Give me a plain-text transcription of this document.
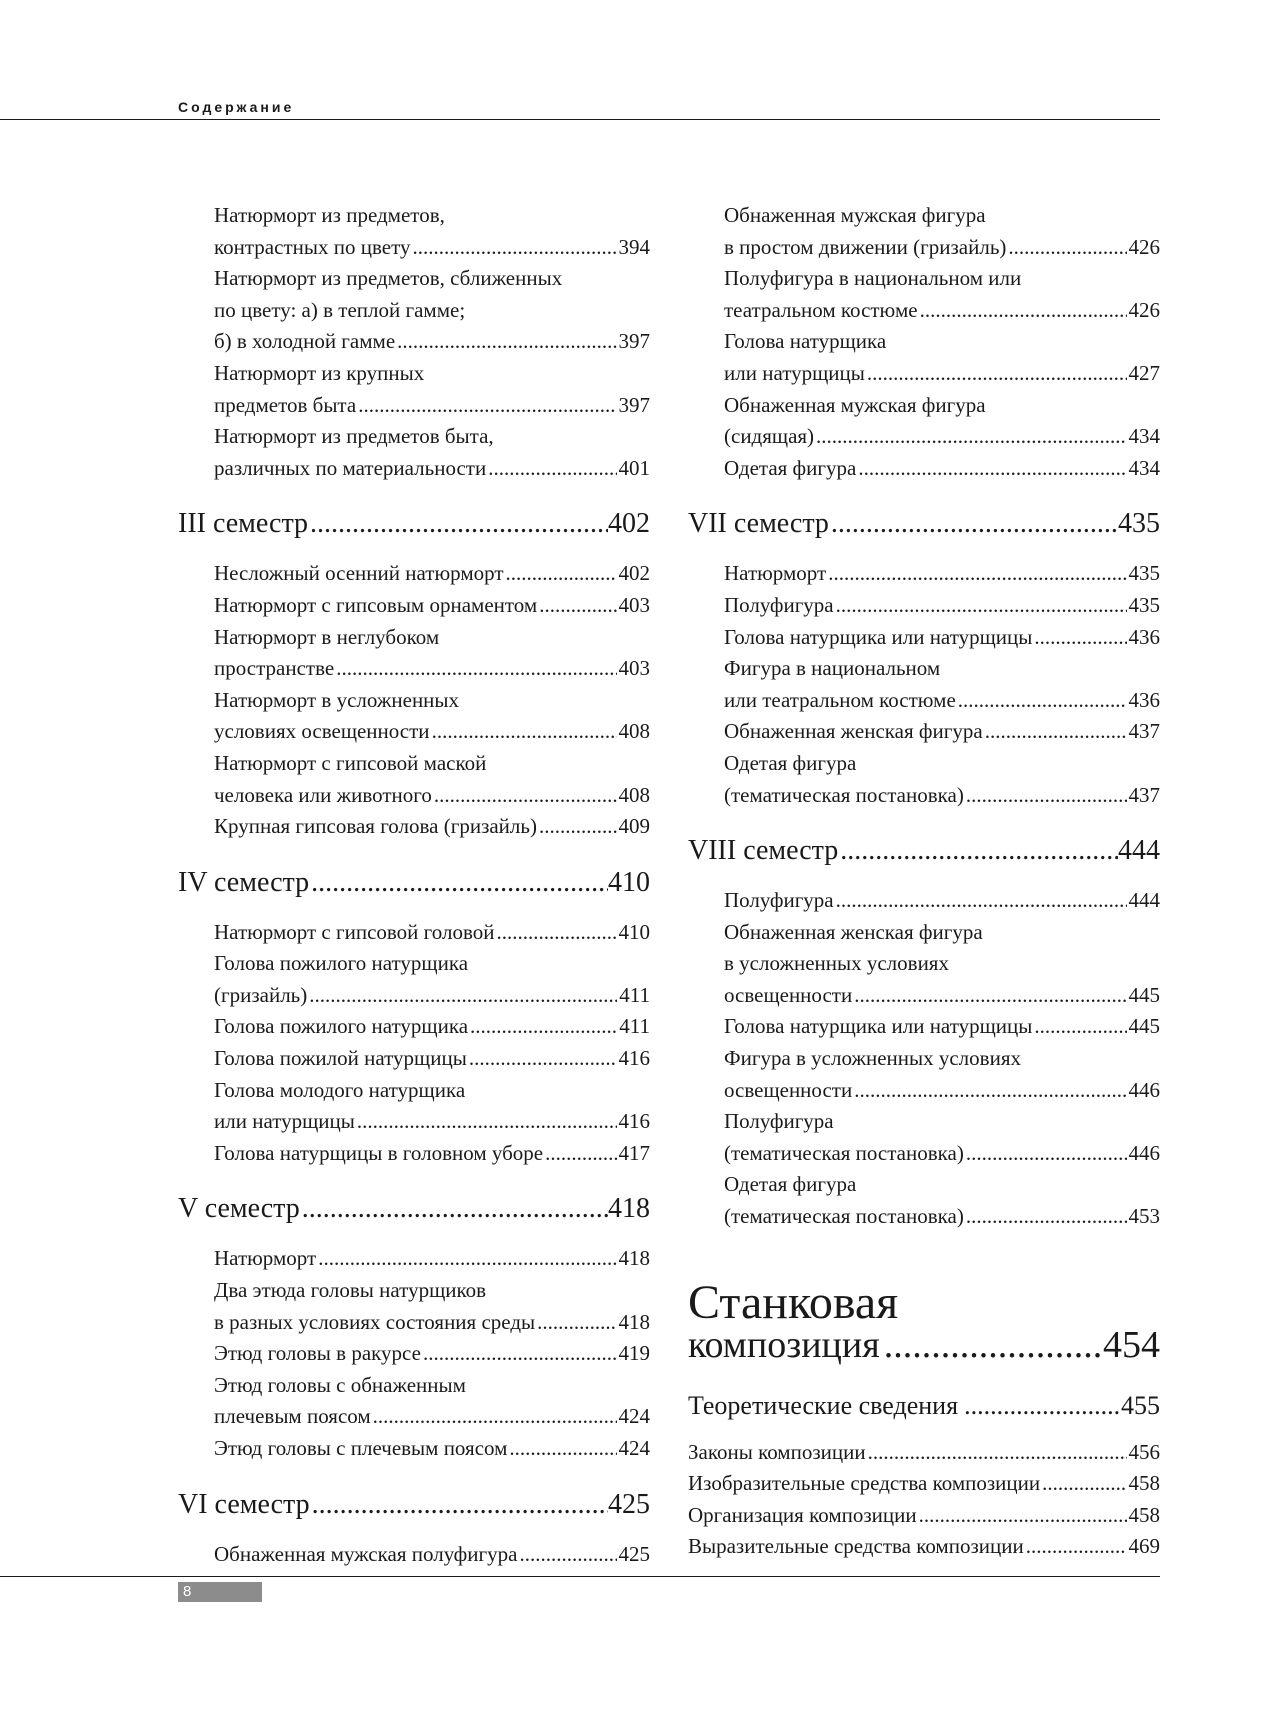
Содержание
Натюрморт из предметов,
контрастных по цвету .....	394
Натюрморт из предметов, сближенных
по цвету: а) в теплой гамме;
б) в холодной гамме .....	397
Натюрморт из крупных
предметов быта .....	397
Натюрморт из предметов быта,
различных по материальности .....	401
III семестр .....	402
Несложный осенний натюрморт .....	402
Натюрморт с гипсовым орнаментом .....	403
Натюрморт в неглубоком
пространстве .....	403
Натюрморт в усложненных
условиях освещенности .....	408
Натюрморт с гипсовой маской
человека или животного .....	408
Крупная гипсовая голова (гризайль) .....	409
IV семестр .....	410
Натюрморт с гипсовой головой .....	410
Голова пожилого натурщика
(гризайль) .....	411
Голова пожилого натурщика .....	411
Голова пожилой натурщицы .....	416
Голова молодого натурщика
или натурщицы .....	416
Голова натурщицы в головном уборе .....	417
V семестр .....	418
Натюрморт .....	418
Два этюда головы натурщиков
в разных условиях состояния среды .....	418
Этюд головы в ракурсе .....	419
Этюд головы с обнаженным
плечевым поясом .....	424
Этюд головы с плечевым поясом .....	424
VI семестр .....	425
Обнаженная мужская полуфигура .....	425
Обнаженная мужская фигура
в простом движении (гризайль) .....	426
Полуфигура в национальном или
театральном костюме .....	426
Голова натурщика
или натурщицы .....	427
Обнаженная мужская фигура
(сидящая) .....	434
Одетая фигура .....	434
VII семестр .....	435
Натюрморт .....	435
Полуфигура .....	435
Голова натурщика или натурщицы .....	436
Фигура в национальном
или театральном костюме .....	436
Обнаженная женская фигура .....	437
Одетая фигура
(тематическая постановка) .....	437
VIII семестр .....	444
Полуфигура .....	444
Обнаженная женская фигура
в усложненных условиях
освещенности .....	445
Голова натурщика или натурщицы .....	445
Фигура в усложненных условиях
освещенности .....	446
Полуфигура
(тематическая постановка) .....	446
Одетая фигура
(тематическая постановка) .....	453
Станковая
композиция .....	454
Теоретические сведения .....	455
Законы композиции .....	456
Изобразительные средства композиции .....	458
Организация композиции .....	458
Выразительные средства композиции .....	469
8
